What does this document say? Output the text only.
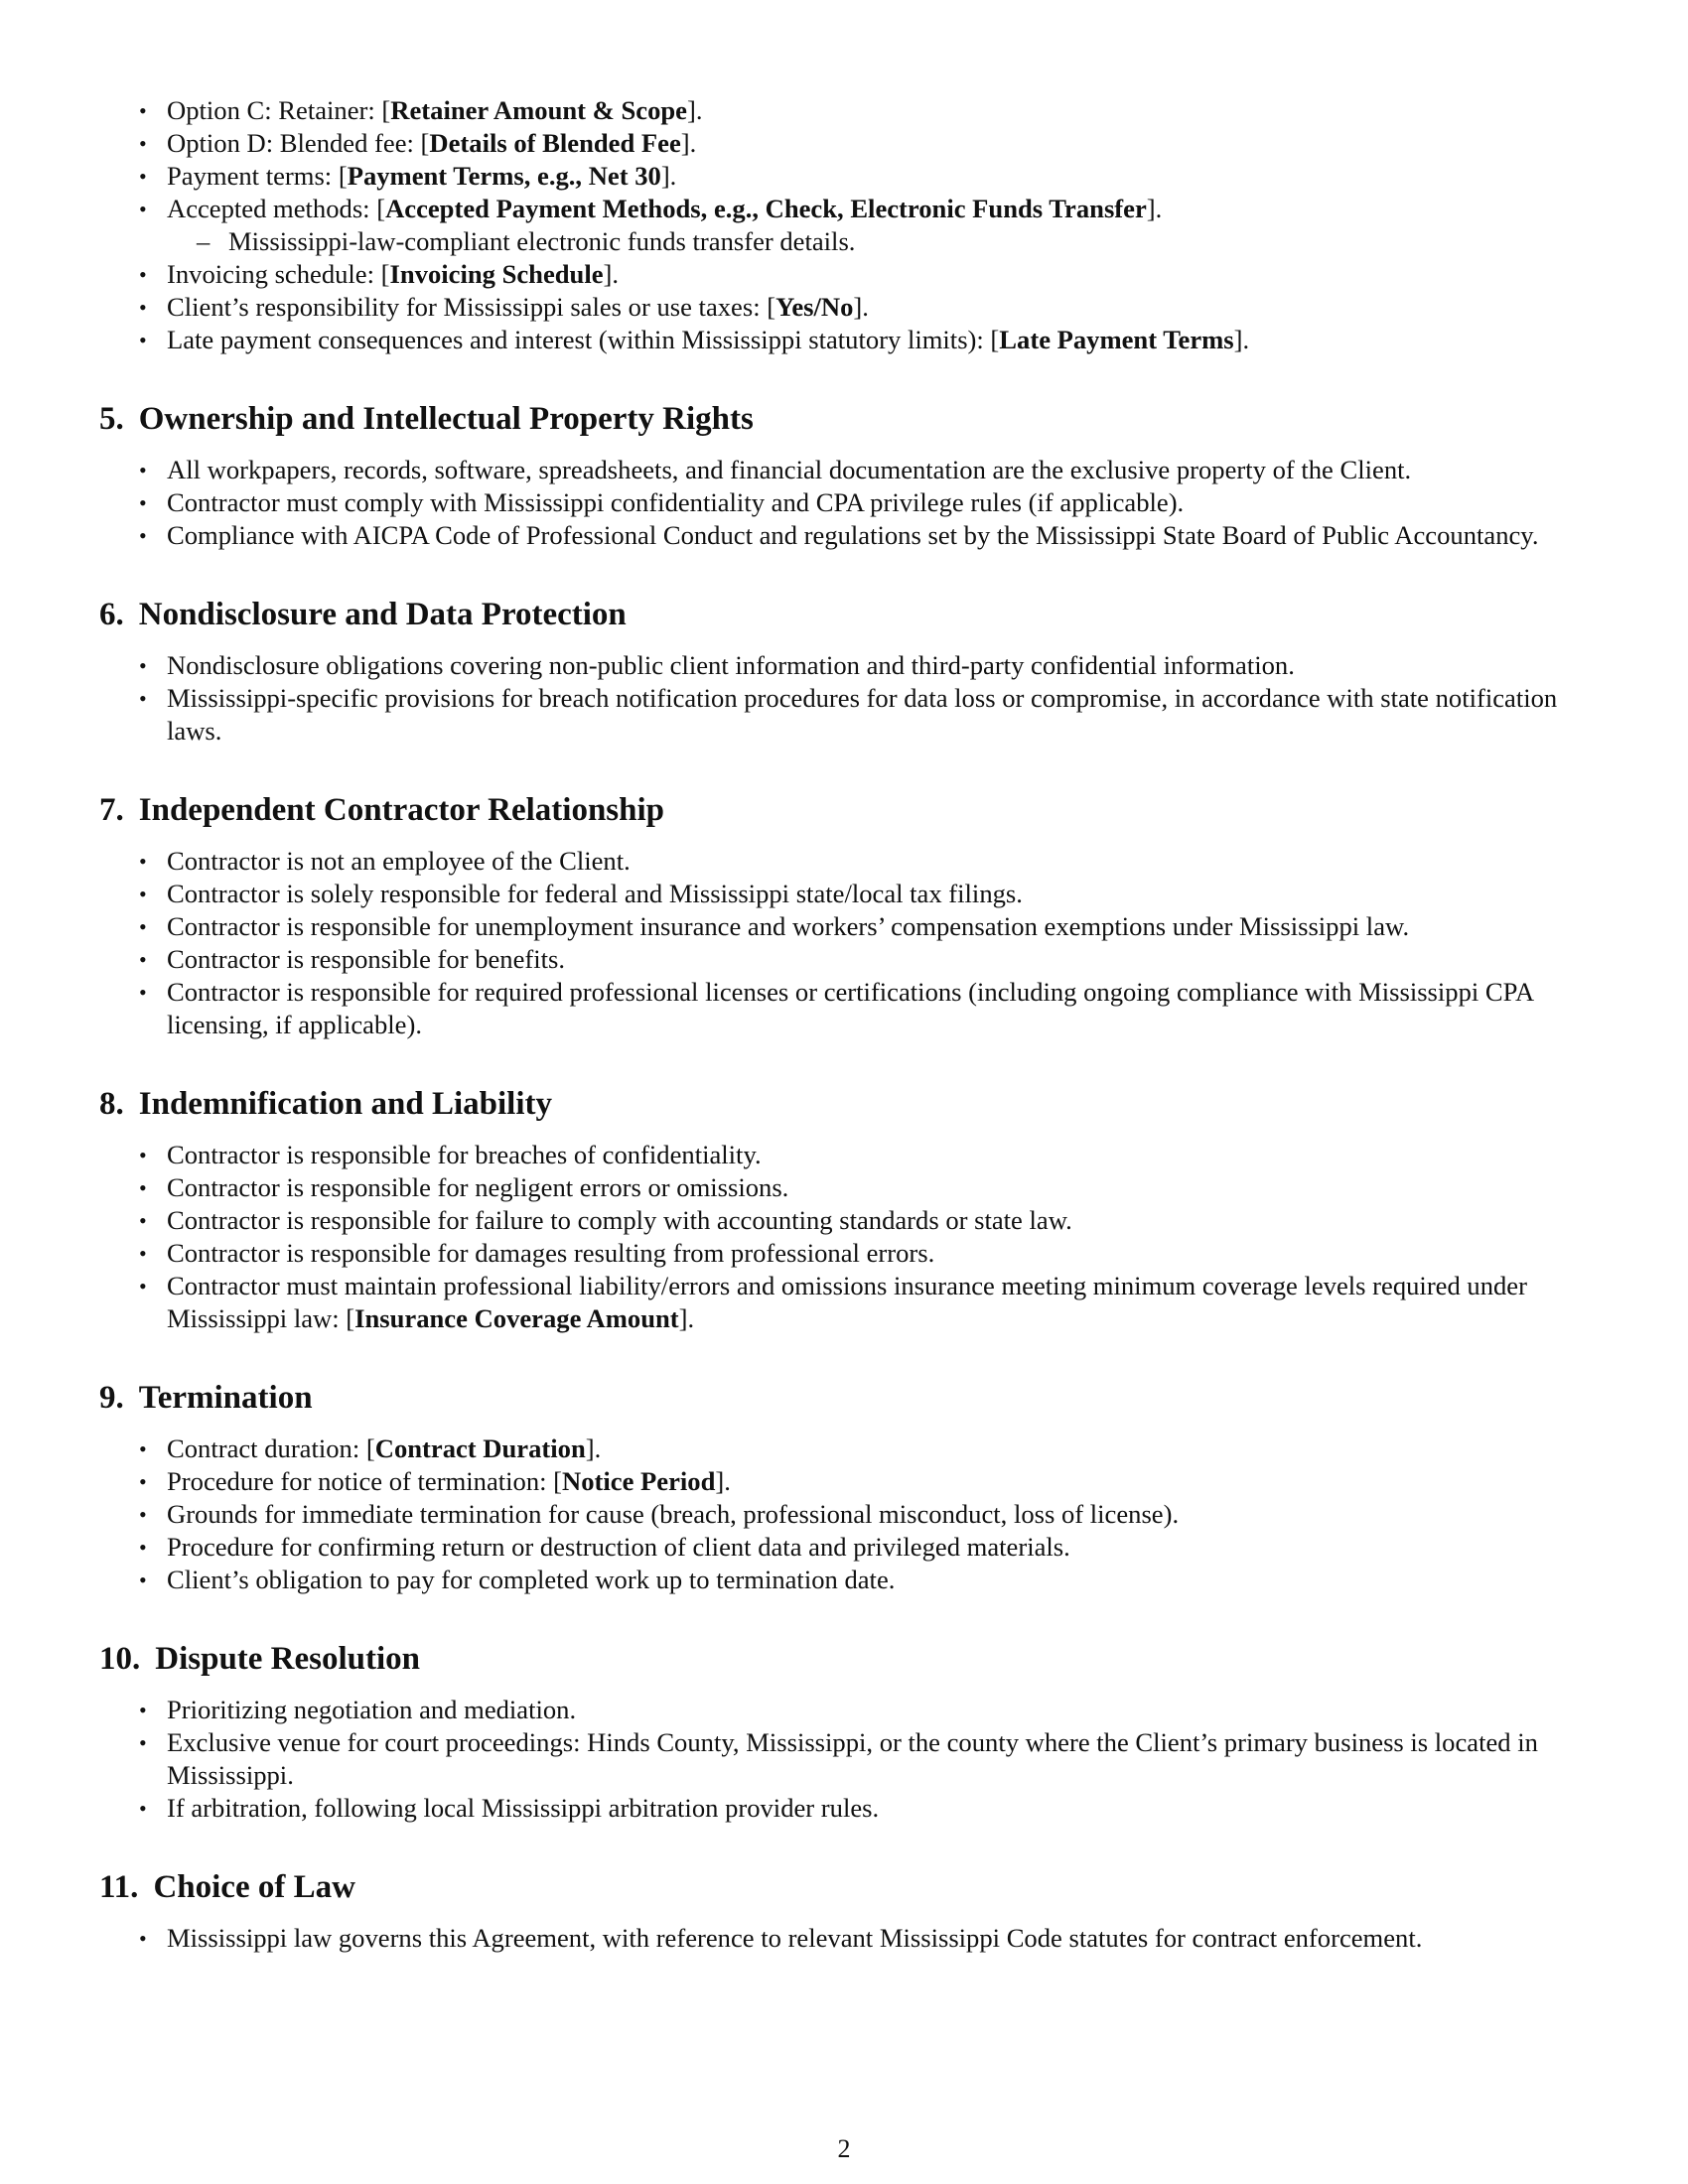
• Option C: Retainer: [Retainer Amount & Scope].
• Option D: Blended fee: [Details of Blended Fee].
• Payment terms: [Payment Terms, e.g., Net 30].
• Accepted methods: [Accepted Payment Methods, e.g., Check, Electronic Funds Transfer].
– Mississippi-law-compliant electronic funds transfer details.
• Invoicing schedule: [Invoicing Schedule].
• Client’s responsibility for Mississippi sales or use taxes: [Yes/No].
• Late payment consequences and interest (within Mississippi statutory limits): [Late Payment Terms].
5. Ownership and Intellectual Property Rights
• All workpapers, records, software, spreadsheets, and financial documentation are the exclusive property of the Client.
• Contractor must comply with Mississippi confidentiality and CPA privilege rules (if applicable).
• Compliance with AICPA Code of Professional Conduct and regulations set by the Mississippi State Board of Public Accountancy.
6. Nondisclosure and Data Protection
• Nondisclosure obligations covering non-public client information and third-party confidential information.
• Mississippi-specific provisions for breach notification procedures for data loss or compromise, in accordance with state notification laws.
7. Independent Contractor Relationship
• Contractor is not an employee of the Client.
• Contractor is solely responsible for federal and Mississippi state/local tax filings.
• Contractor is responsible for unemployment insurance and workers’ compensation exemptions under Mississippi law.
• Contractor is responsible for benefits.
• Contractor is responsible for required professional licenses or certifications (including ongoing compliance with Mississippi CPA licensing, if applicable).
8. Indemnification and Liability
• Contractor is responsible for breaches of confidentiality.
• Contractor is responsible for negligent errors or omissions.
• Contractor is responsible for failure to comply with accounting standards or state law.
• Contractor is responsible for damages resulting from professional errors.
• Contractor must maintain professional liability/errors and omissions insurance meeting minimum coverage levels required under Mississippi law: [Insurance Coverage Amount].
9. Termination
• Contract duration: [Contract Duration].
• Procedure for notice of termination: [Notice Period].
• Grounds for immediate termination for cause (breach, professional misconduct, loss of license).
• Procedure for confirming return or destruction of client data and privileged materials.
• Client’s obligation to pay for completed work up to termination date.
10. Dispute Resolution
• Prioritizing negotiation and mediation.
• Exclusive venue for court proceedings: Hinds County, Mississippi, or the county where the Client’s primary business is located in Mississippi.
• If arbitration, following local Mississippi arbitration provider rules.
11. Choice of Law
• Mississippi law governs this Agreement, with reference to relevant Mississippi Code statutes for contract enforcement.
2
